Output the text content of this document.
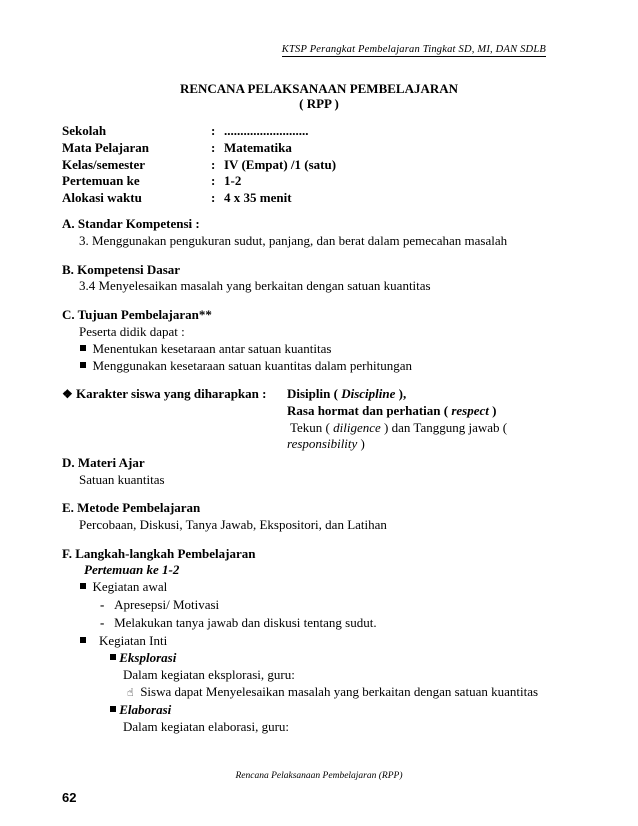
KTSP Perangkat Pembelajaran Tingkat SD, MI, DAN SDLB
RENCANA PELAKSANAAN PEMBELAJARAN
( RPP )
Sekolah	: ..........................
Mata Pelajaran	: Matematika
Kelas/semester	: IV (Empat) /1 (satu)
Pertemuan ke	: 1-2
Alokasi waktu	: 4 x 35 menit
A. Standar Kompetensi :
3. Menggunakan pengukuran sudut, panjang, dan berat dalam pemecahan masalah
B. Kompetensi Dasar
3.4 Menyelesaikan masalah yang berkaitan dengan satuan kuantitas
C. Tujuan Pembelajaran**
Peserta didik dapat :
Menentukan kesetaraan antar satuan kuantitas
Menggunakan kesetaraan satuan kuantitas dalam perhitungan
❖ Karakter siswa yang diharapkan : Disiplin ( Discipline ),
Rasa hormat dan perhatian ( respect )
Tekun ( diligence ) dan Tanggung jawab (
responsibility )
D. Materi Ajar
Satuan kuantitas
E. Metode Pembelajaran
Percobaan, Diskusi, Tanya Jawab, Ekspositori, dan Latihan
F. Langkah-langkah Pembelajaran
Pertemuan ke 1-2
Kegiatan awal
- Apresepsi/ Motivasi
- Melakukan tanya jawab dan diskusi tentang sudut.
Kegiatan Inti
Eksplorasi
Dalam kegiatan eksplorasi, guru:
☝ Siswa dapat Menyelesaikan masalah yang berkaitan dengan satuan kuantitas
Elaborasi
Dalam kegiatan elaborasi, guru:
Rencana Pelaksanaan Pembelajaran (RPP)
62
